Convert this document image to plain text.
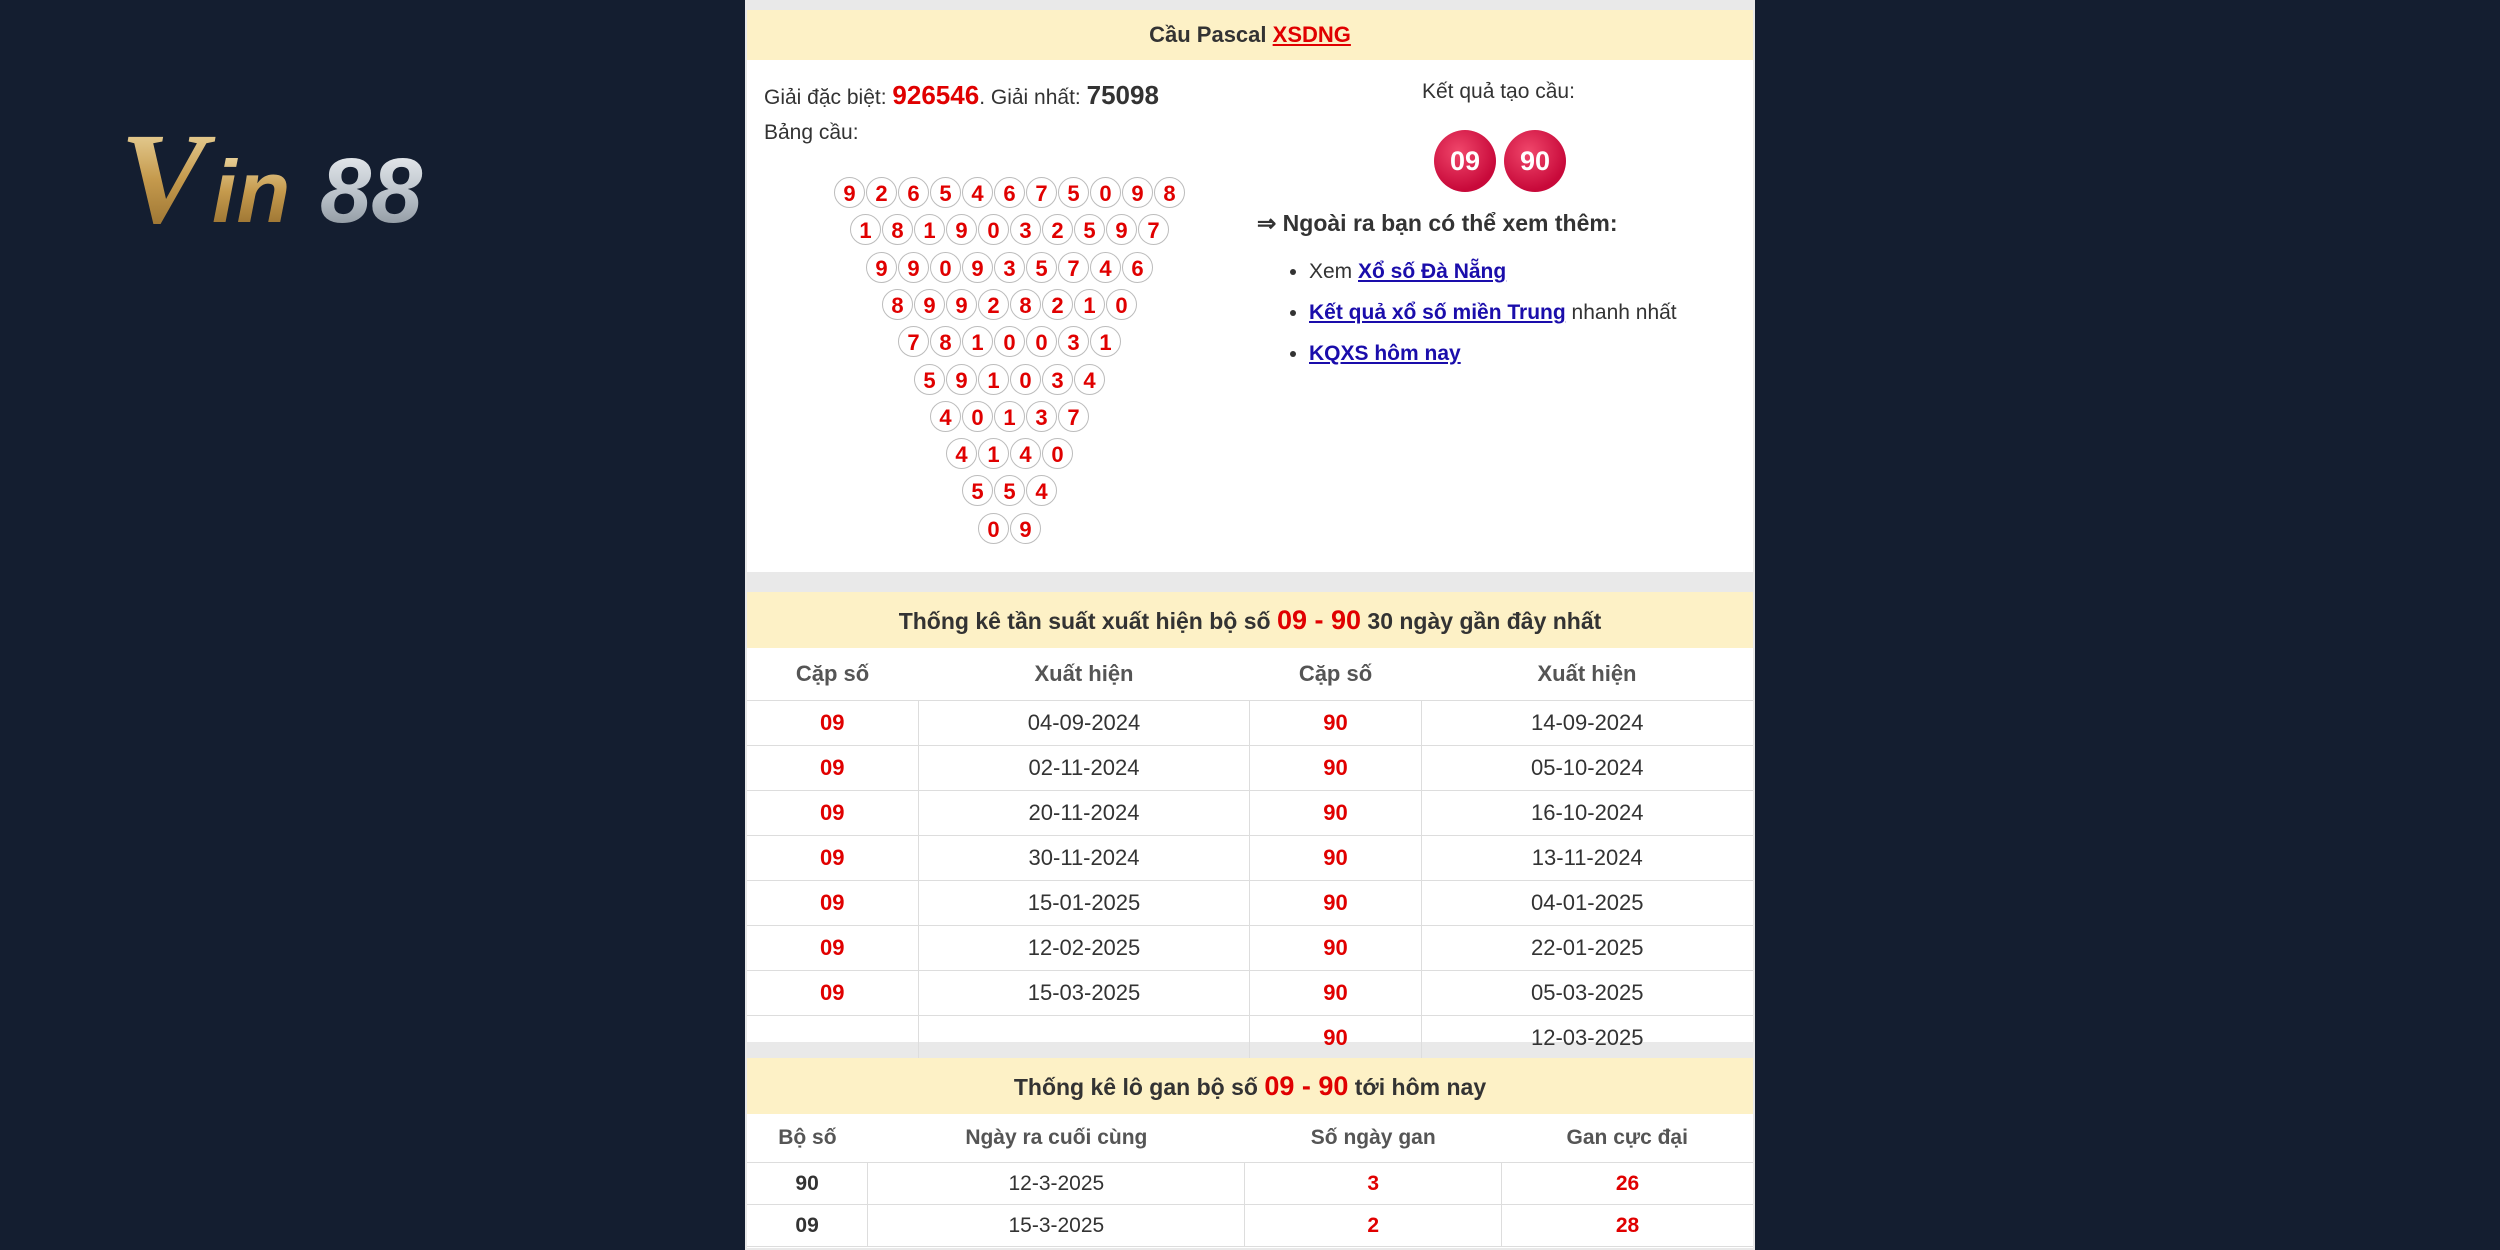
V in 88
Cầu Pascal XSDNG
Giải đặc biệt: 926546. Giải nhất: 75098
Bảng cầu:
9 2 6 5 4 6 7 5 0 9 8
1 8 1 9 0 3 2 5 9 7
9 9 0 9 3 5 7 4 6
8 9 9 2 8 2 1 0
7 8 1 0 0 3 1
5 9 1 0 3 4
4 0 1 3 7
4 1 4 0
5 5 4
0 9
Kết quả tạo cầu:
09 90
⇒ Ngoài ra bạn có thể xem thêm:
• Xem Xổ số Đà Nẵng
• Kết quả xổ số miền Trung nhanh nhất
• KQXS hôm nay
Thống kê tần suất xuất hiện bộ số 09 - 90 30 ngày gần đây nhất
Cặp số	Xuất hiện	Cặp số	Xuất hiện
09	04-09-2024	90	14-09-2024
09	02-11-2024	90	05-10-2024
09	20-11-2024	90	16-10-2024
09	30-11-2024	90	13-11-2024
09	15-01-2025	90	04-01-2025
09	12-02-2025	90	22-01-2025
09	15-03-2025	90	05-03-2025
		90	12-03-2025
Thống kê lô gan bộ số 09 - 90 tới hôm nay
Bộ số	Ngày ra cuối cùng	Số ngày gan	Gan cực đại
90	12-3-2025	3	26
09	15-3-2025	2	28
